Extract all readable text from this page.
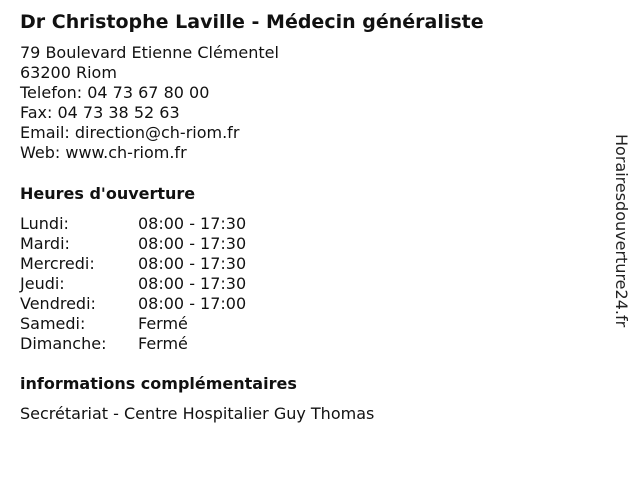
Dr Christophe Laville - Médecin généraliste
79 Boulevard Etienne Clémentel
63200 Riom
Telefon: 04 73 67 80 00
Fax: 04 73 38 52 63
Email: direction@ch-riom.fr
Web: www.ch-riom.fr
Heures d'ouverture
Lundi:	08:00 - 17:30
Mardi:	08:00 - 17:30
Mercredi:	08:00 - 17:30
Jeudi:	08:00 - 17:30
Vendredi:	08:00 - 17:00
Samedi:	Fermé
Dimanche: Fermé
informations complémentaires
Secrétariat - Centre Hospitalier Guy Thomas
Horairesdouverture24.fr
